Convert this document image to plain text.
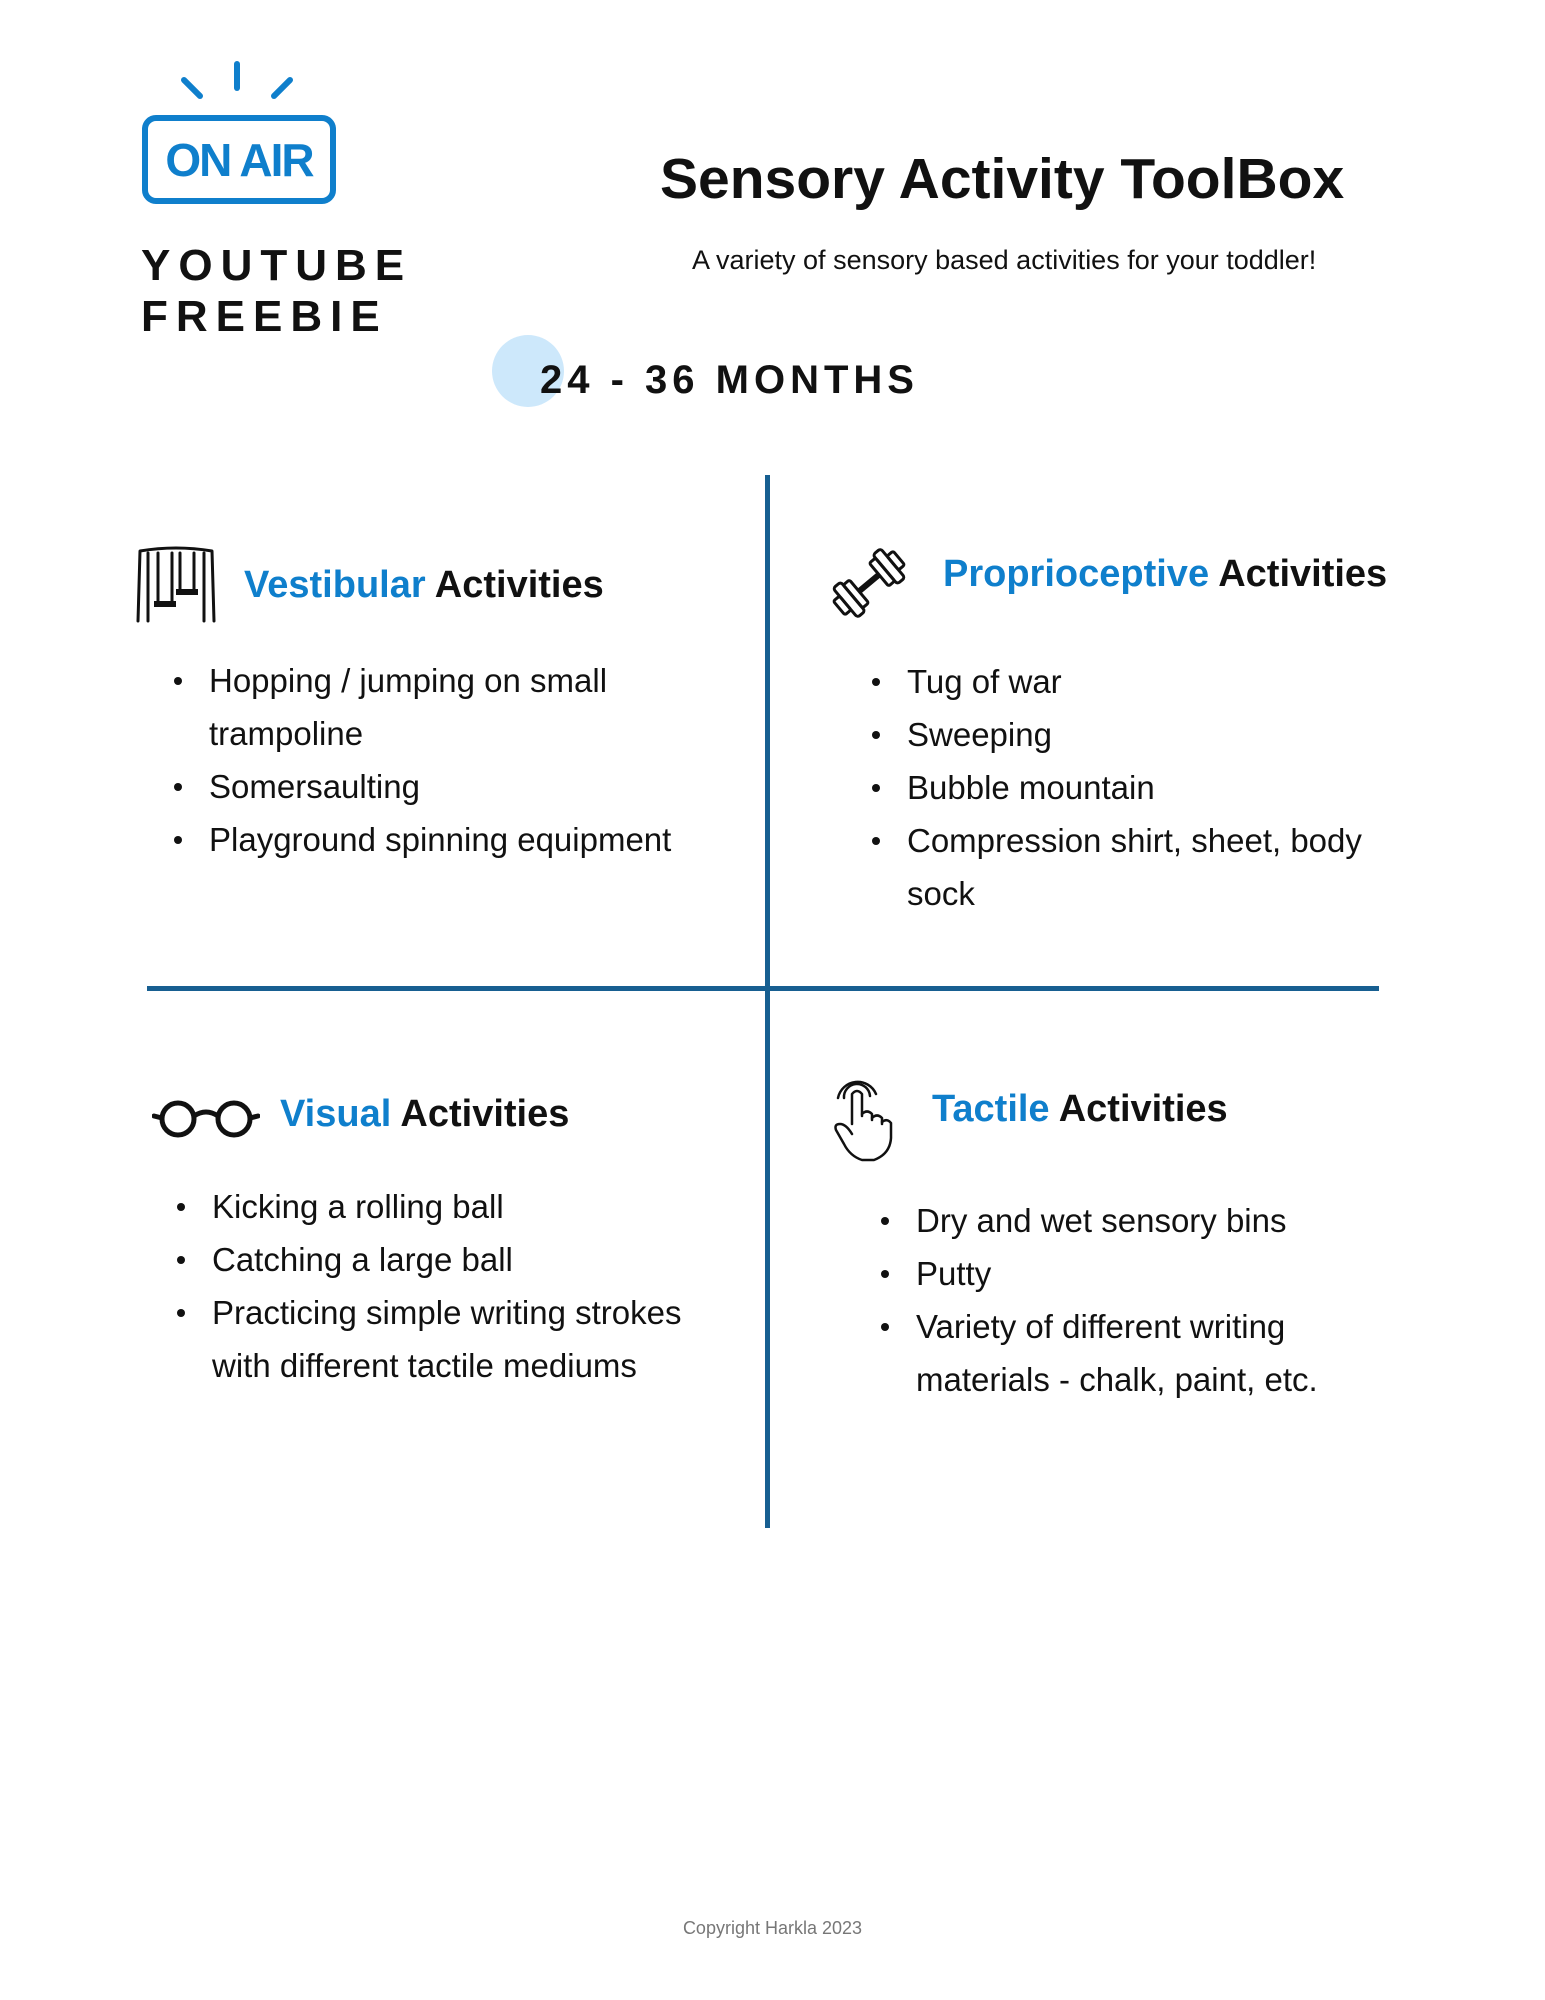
ON AIR
YOUTUBE
FREEBIE
Sensory Activity ToolBox
A variety of sensory based activities for your toddler!
24 - 36 MONTHS
Vestibular Activities
Hopping / jumping on small trampoline
Somersaulting
Playground spinning equipment
Proprioceptive Activities
Tug of war
Sweeping
Bubble mountain
Compression shirt, sheet, body sock
Visual Activities
Kicking a rolling ball
Catching a large ball
Practicing simple writing strokes with different tactile mediums
Tactile Activities
Dry and wet sensory bins
Putty
Variety of different writing materials - chalk, paint, etc.
Copyright Harkla 2023
